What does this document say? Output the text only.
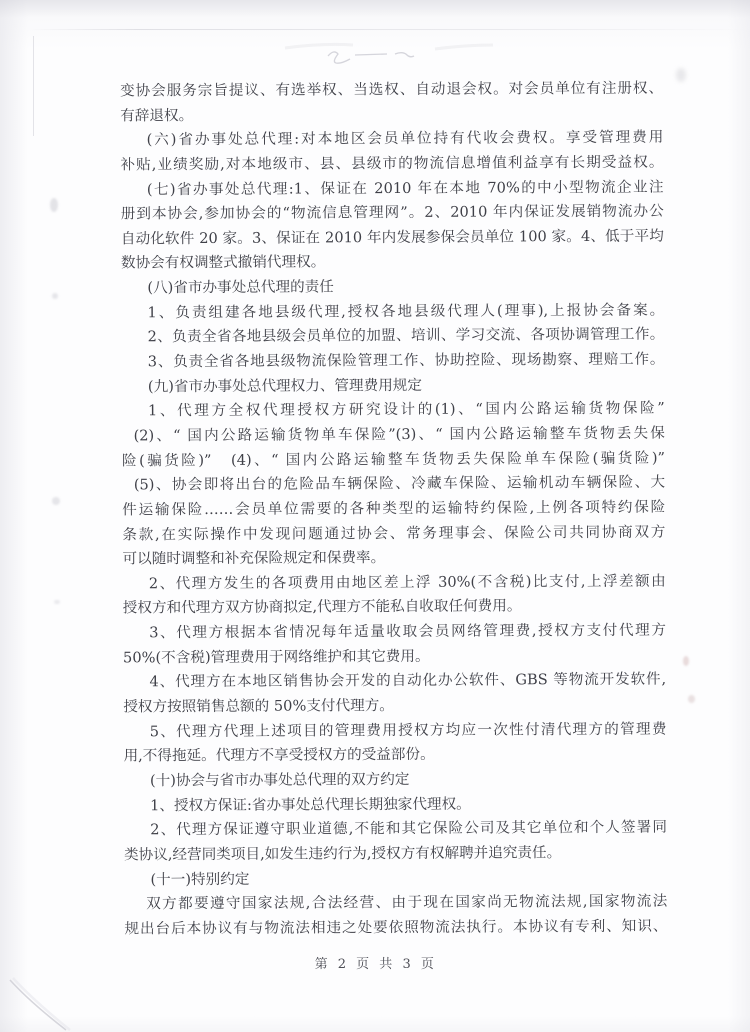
变协会服务宗旨提议、有选举权、当选权、自动退会权。对会员单位有注册权、
有辞退权。
(六)省办事处总代理:对本地区会员单位持有代收会费权。享受管理费用
补贴,业绩奖励,对本地级市、县、县级市的物流信息增值利益享有长期受益权。
(七)省办事处总代理:1、保证在 2010 年在本地 70%的中小型物流企业注
册到本协会,参加协会的“物流信息管理网”。2、2010 年内保证发展销物流办公
自动化软件 20 家。3、保证在 2010 年内发展参保会员单位 100 家。4、低于平均
数协会有权调整式撤销代理权。
(八)省市办事处总代理的责任
1、负责组建各地县级代理,授权各地县级代理人(理事),上报协会备案。
2、负责全省各地县级会员单位的加盟、培训、学习交流、各项协调管理工作。
3、负责全省各地县级物流保险管理工作、协助控险、现场勘察、理赔工作。
(九)省市办事处总代理权力、管理费用规定
1、代理方全权代理授权方研究设计的(1)、“国内公路运输货物保险”
(2)、“ 国内公路运输货物单车保险”(3)、“ 国内公路运输整车货物丢失保
险(骗货险)”　(4)、“ 国内公路运输整车货物丢失保险单车保险(骗货险)”
(5)、协会即将出台的危险品车辆保险、冷藏车保险、运输机动车辆保险、大
件运输保险……会员单位需要的各种类型的运输特约保险,上例各项特约保险
条款,在实际操作中发现问题通过协会、常务理事会、保险公司共同协商双方
可以随时调整和补充保险规定和保费率。
2、代理方发生的各项费用由地区差上浮 30%(不含税)比支付,上浮差额由
授权方和代理方双方协商拟定,代理方不能私自收取任何费用。
3、代理方根据本省情况每年适量收取会员网络管理费,授权方支付代理方
50%(不含税)管理费用于网络维护和其它费用。
4、代理方在本地区销售协会开发的自动化办公软件、GBS 等物流开发软件,
授权方按照销售总额的 50%支付代理方。
5、代理方代理上述项目的管理费用授权方均应一次性付清代理方的管理费
用,不得拖延。代理方不享受授权方的受益部份。
(十)协会与省市办事处总代理的双方约定
1、授权方保证:省办事处总代理长期独家代理权。
2、代理方保证遵守职业道德,不能和其它保险公司及其它单位和个人签署同
类协议,经营同类项目,如发生违约行为,授权方有权解聘并追究责任。
(十一)特别约定
双方都要遵守国家法规,合法经营、由于现在国家尚无物流法规,国家物流法
规出台后本协议有与物流法相违之处要依照物流法执行。本协议有专利、知识、
第 2 页 共 3 页
